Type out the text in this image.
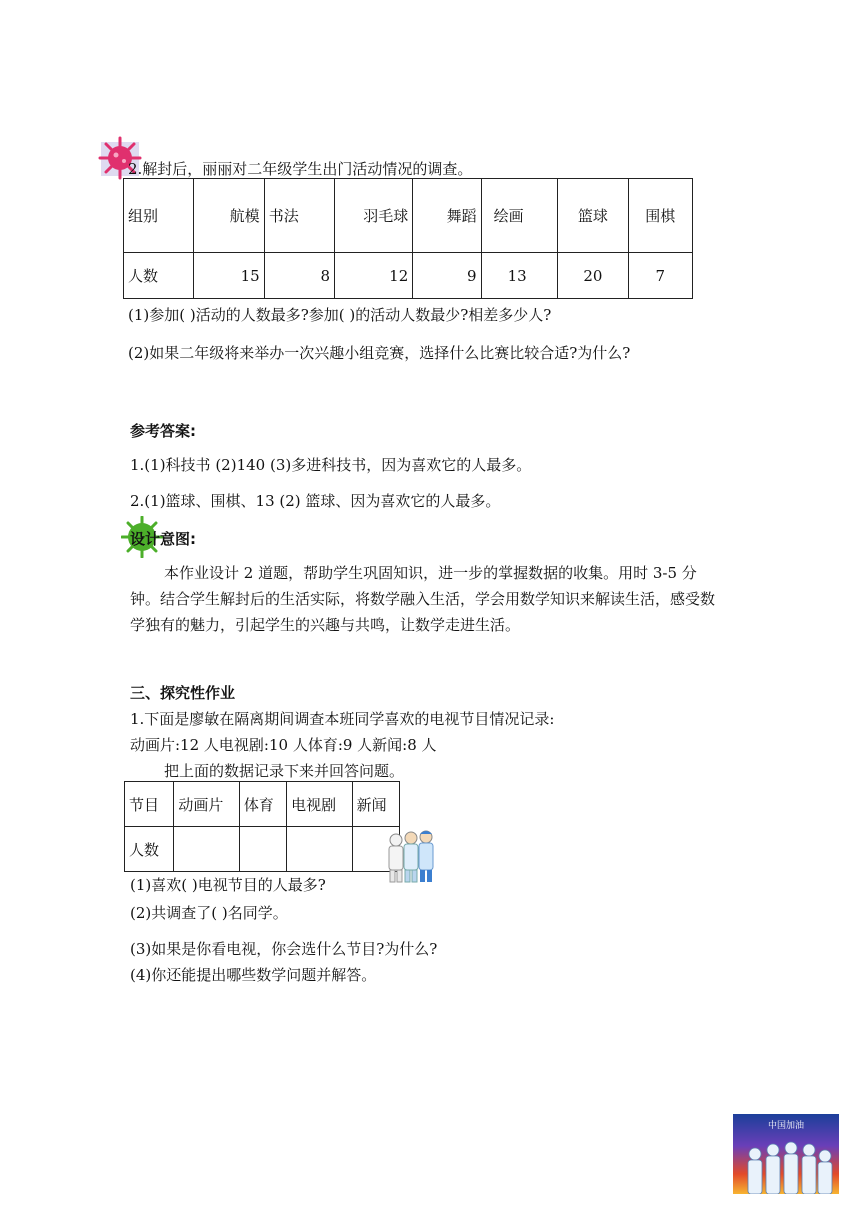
2.解封后，丽丽对二年级学生出门活动情况的调查。
组别	航模	书法	羽毛球	舞蹈	绘画	篮球	围棋
人数	15	8	12	9	13	20	7
(1)参加( )活动的人数最多?参加( )的活动人数最少?相差多少人?
(2)如果二年级将来举办一次兴趣小组竞赛，选择什么比赛比较合适?为什么?
参考答案:
1.(1)科技书 (2)140 (3)多进科技书，因为喜欢它的人最多。
2.(1)篮球、围棋、13 (2) 篮球、因为喜欢它的人最多。
设计意图:
本作业设计 2 道题，帮助学生巩固知识，进一步的掌握数据的收集。用时 3-5 分钟。结合学生解封后的生活实际，将数学融入生活，学会用数学知识来解读生活，感受数学独有的魅力，引起学生的兴趣与共鸣，让数学走进生活。
三、探究性作业
1.下面是廖敏在隔离期间调查本班同学喜欢的电视节目情况记录:
动画片:12 人电视剧:10 人体育:9 人新闻:8 人
把上面的数据记录下来并回答问题。
节目	动画片	体育	电视剧	新闻
人数				
(1)喜欢( )电视节目的人最多?
(2)共调查了( )名同学。
(3)如果是你看电视，你会选什么节目?为什么?
(4)你还能提出哪些数学问题并解答。
中国加油
